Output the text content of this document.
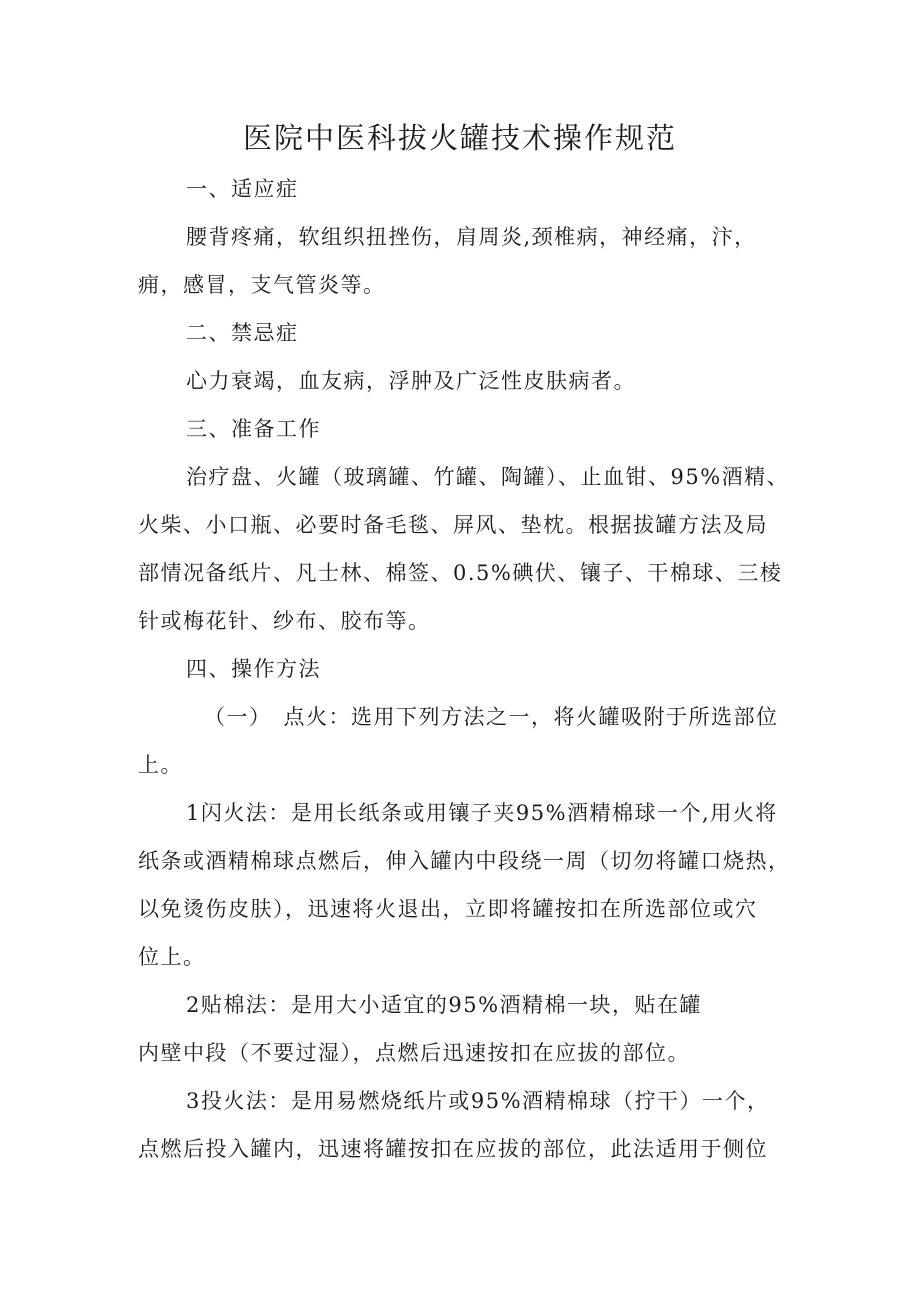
医院中医科拔火罐技术操作规范
一、适应症
腰背疼痛，软组织扭挫伤，肩周炎,颈椎病，神经痛，汴，
痈，感冒，支气管炎等。
二、禁忌症
心力衰竭，血友病，浮肿及广泛性皮肤病者。
三、准备工作
治疗盘、火罐（玻璃罐、竹罐、陶罐）、止血钳、95%酒精、
火柴、小口瓶、必要时备毛毯、屏风、垫枕。根据拔罐方法及局
部情况备纸片、凡士林、棉签、0.5%碘伏、镶子、干棉球、三棱
针或梅花针、纱布、胶布等。
四、操作方法
（一）　点火：选用下列方法之一，将火罐吸附于所选部位
上。
1闪火法：是用长纸条或用镶子夹95%酒精棉球一个,用火将
纸条或酒精棉球点燃后，伸入罐内中段绕一周（切勿将罐口烧热，
以免烫伤皮肤），迅速将火退出，立即将罐按扣在所选部位或穴
位上。
2贴棉法：是用大小适宜的95%酒精棉一块，贴在罐
内壁中段（不要过湿），点燃后迅速按扣在应拔的部位。
3投火法：是用易燃烧纸片或95%酒精棉球（拧干）一个，
点燃后投入罐内，迅速将罐按扣在应拔的部位，此法适用于侧位
